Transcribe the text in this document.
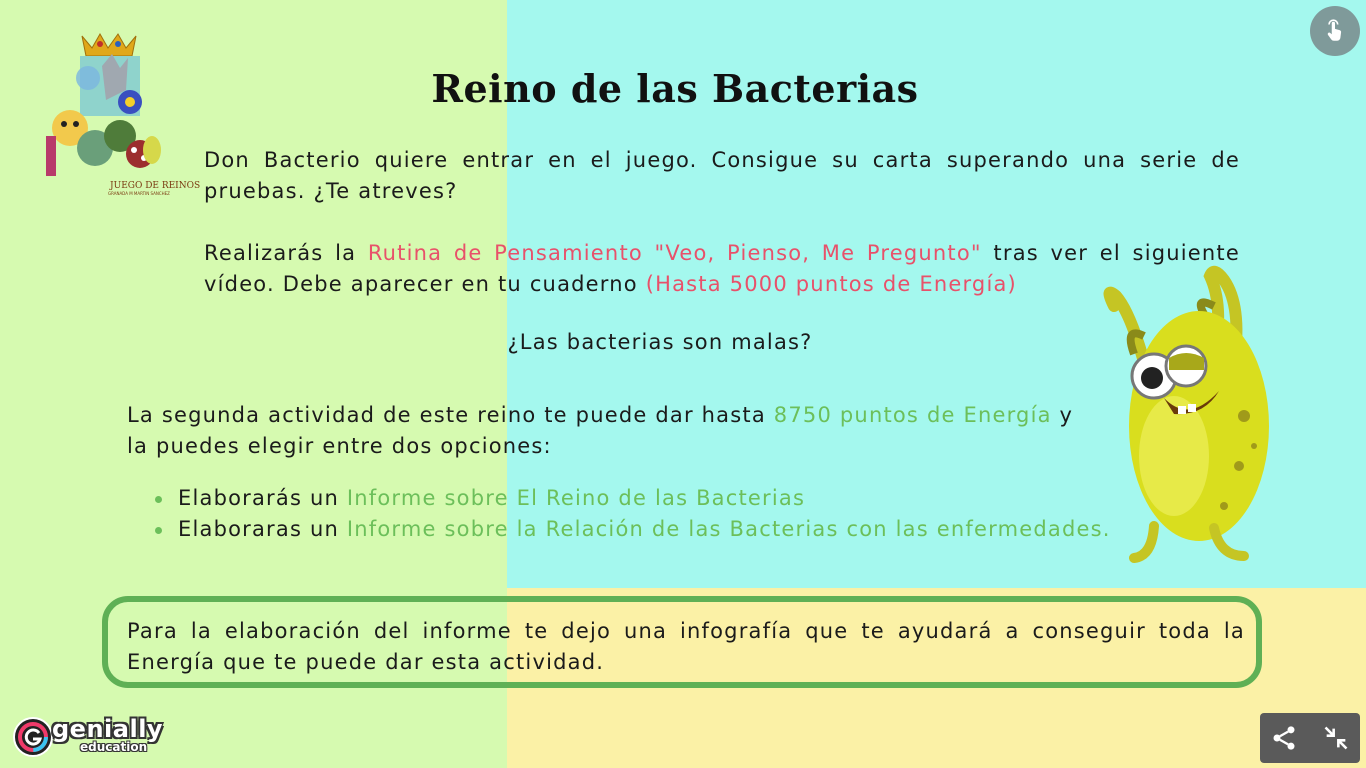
JUEGO DE REINOS
GRANADA M MARTIN SANCHEZ
Reino de las Bacterias
Don Bacterio quiere entrar en el juego. Consigue su carta superando una serie de pruebas. ¿Te atreves?
Realizarás la Rutina de Pensamiento "Veo, Pienso, Me Pregunto" tras ver el siguiente vídeo. Debe aparecer en tu cuaderno (Hasta 5000 puntos de Energía)
¿Las bacterias son malas?
La segunda actividad de este reino te puede dar hasta 8750 puntos de Energía y la puedes elegir entre dos opciones:
Elaborarás un Informe sobre El Reino de las Bacterias
Elaboraras un Informe sobre la Relación de las Bacterias con las enfermedades.
Para la elaboración del informe te dejo una infografía que te ayudará a conseguir toda la Energía que te puede dar esta actividad.
genially
education
